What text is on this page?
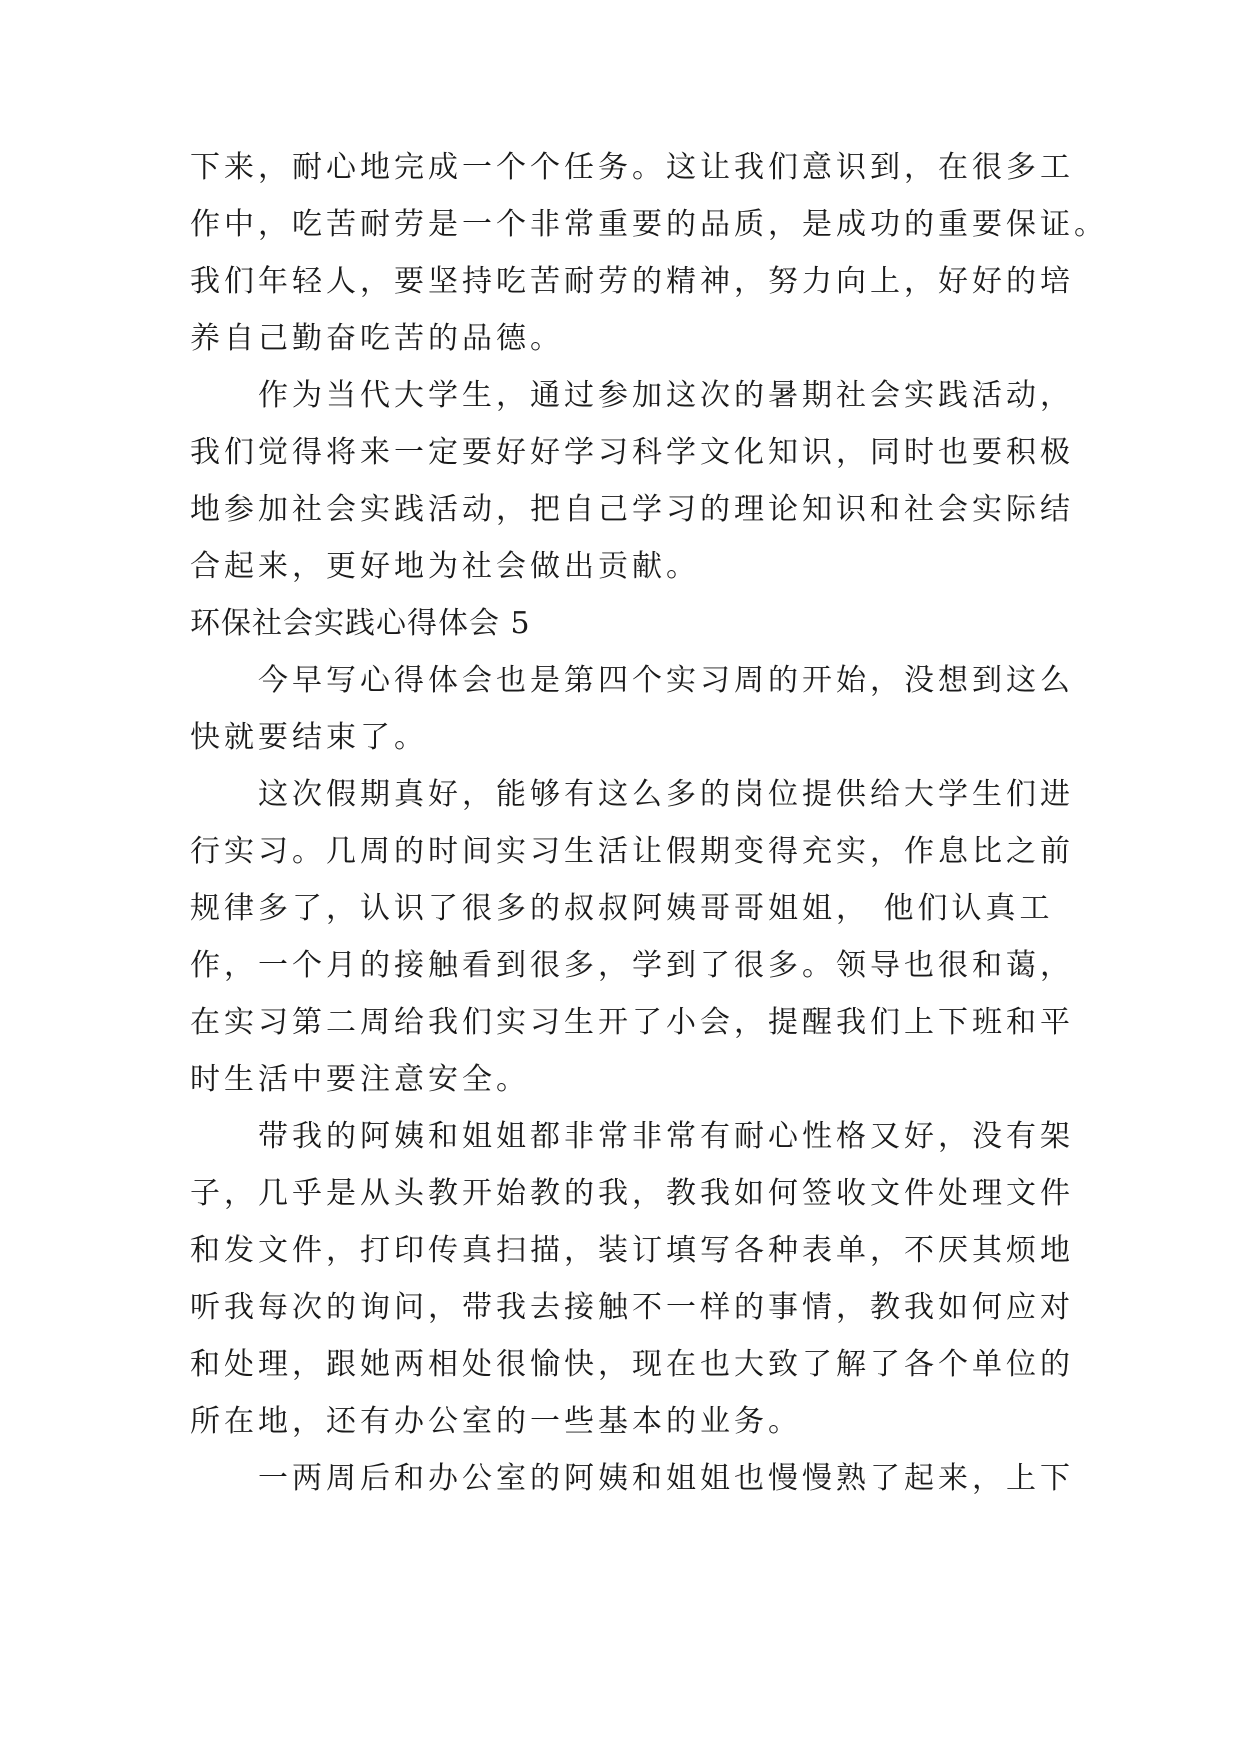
下来，耐心地完成一个个任务。这让我们意识到，在很多工
作中，吃苦耐劳是一个非常重要的品质，是成功的重要保证。
我们年轻人，要坚持吃苦耐劳的精神，努力向上，好好的培
养自己勤奋吃苦的品德。
作为当代大学生，通过参加这次的暑期社会实践活动，
我们觉得将来一定要好好学习科学文化知识，同时也要积极
地参加社会实践活动，把自己学习的理论知识和社会实际结
合起来，更好地为社会做出贡献。
环保社会实践心得体会 5
今早写心得体会也是第四个实习周的开始，没想到这么
快就要结束了。
这次假期真好，能够有这么多的岗位提供给大学生们进
行实习。几周的时间实习生活让假期变得充实，作息比之前
规律多了，认识了很多的叔叔阿姨哥哥姐姐， 他们认真工
作，一个月的接触看到很多，学到了很多。领导也很和蔼，
在实习第二周给我们实习生开了小会，提醒我们上下班和平
时生活中要注意安全。
带我的阿姨和姐姐都非常非常有耐心性格又好，没有架
子，几乎是从头教开始教的我，教我如何签收文件处理文件
和发文件，打印传真扫描，装订填写各种表单，不厌其烦地
听我每次的询问，带我去接触不一样的事情，教我如何应对
和处理，跟她两相处很愉快，现在也大致了解了各个单位的
所在地，还有办公室的一些基本的业务。
一两周后和办公室的阿姨和姐姐也慢慢熟了起来，上下
